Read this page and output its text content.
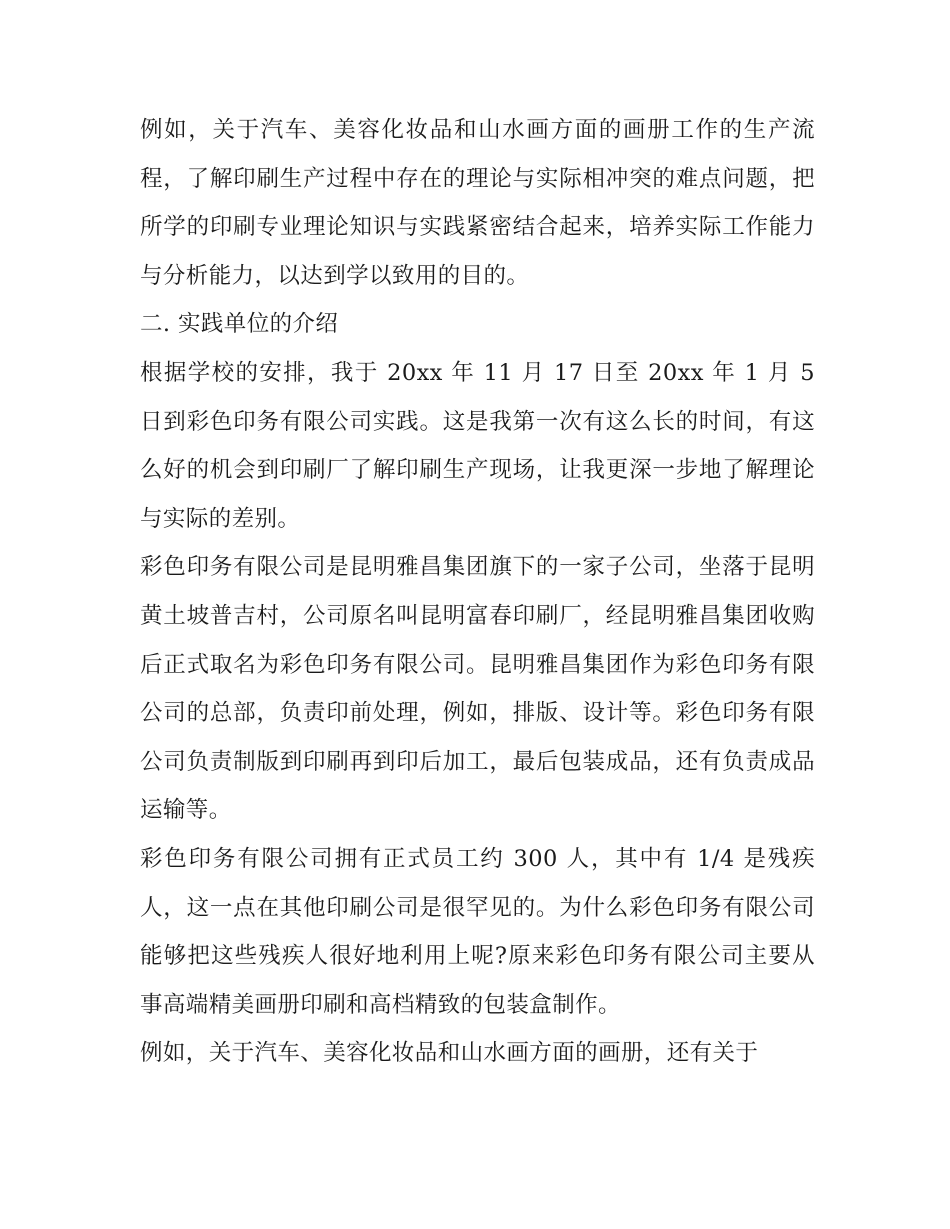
例如，关于汽车、美容化妆品和山水画方面的画册工作的生产流程，了解印刷生产过程中存在的理论与实际相冲突的难点问题，把所学的印刷专业理论知识与实践紧密结合起来，培养实际工作能力与分析能力，以达到学以致用的目的。

二. 实践单位的介绍

根据学校的安排，我于 20xx 年 11 月 17 日至 20xx 年 1 月 5 日到彩色印务有限公司实践。这是我第一次有这么长的时间，有这么好的机会到印刷厂了解印刷生产现场，让我更深一步地了解理论与实际的差别。

彩色印务有限公司是昆明雅昌集团旗下的一家子公司，坐落于昆明黄土坡普吉村，公司原名叫昆明富春印刷厂，经昆明雅昌集团收购后正式取名为彩色印务有限公司。昆明雅昌集团作为彩色印务有限公司的总部，负责印前处理，例如，排版、设计等。彩色印务有限公司负责制版到印刷再到印后加工，最后包装成品，还有负责成品运输等。

彩色印务有限公司拥有正式员工约 300 人，其中有 1/4 是残疾人，这一点在其他印刷公司是很罕见的。为什么彩色印务有限公司能够把这些残疾人很好地利用上呢?原来彩色印务有限公司主要从事高端精美画册印刷和高档精致的包装盒制作。

例如，关于汽车、美容化妆品和山水画方面的画册，还有关于
